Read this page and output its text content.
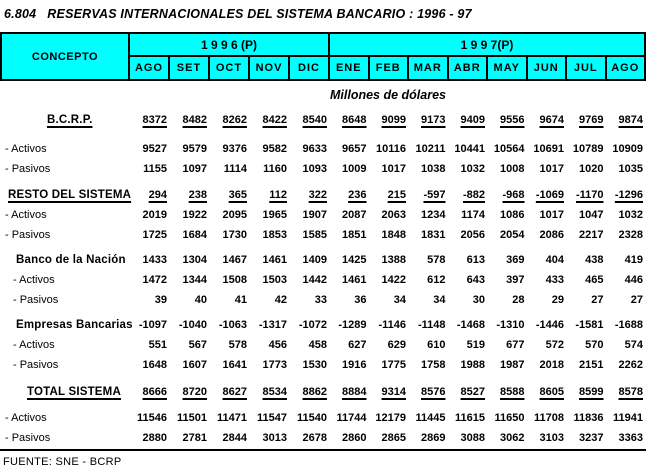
6.804   RESERVAS INTERNACIONALES DEL SISTEMA BANCARIO : 1996 - 97
CONCEPTO
1 9 9 6 (P)	1 9 9 7(P)
AGO	SET	OCT	NOV	DIC	ENE	FEB	MAR	ABR	MAY	JUN	JUL	AGO
Millones de dólares
B.C.R.P.	8372	8482	8262	8422	8540	8648	9099	9173	9409	9556	9674	9769	9874
- Activos	9527	9579	9376	9582	9633	9657 10116 10211 10441 10564 10691 10789 10909
- Pasivos	1155	1097	1114	1160	1093	1009	1017	1038	1032	1008	1017	1020	1035
RESTO DEL SISTEMA	294	238	365	112	322	236	215	-597	-882	-968	-1069	-1170	-1296
- Activos	2019	1922	2095	1965	1907	2087	2063	1234	1174	1086	1017	1047	1032
- Pasivos	1725	1684	1730	1853	1585	1851	1848	1831	2056	2054	2086	2217	2328
Banco de la Nación	1433	1304	1467	1461	1409	1425	1388	578	613	369	404	438	419
- Activos	1472	1344	1508	1503	1442	1461	1422	612	643	397	433	465	446
- Pasivos	39	40	41	42	33	36	34	34	30	28	29	27	27
Empresas Bancarias -1097	-1040	-1063	-1317	-1072	-1289	-1146	-1148	-1468	-1310	-1446	-1581	-1688
- Activos	551	567	578	456	458	627	629	610	519	677	572	570	574
- Pasivos	1648	1607	1641	1773	1530	1916	1775	1758	1988	1987	2018	2151	2262
TOTAL SISTEMA	8666	8720	8627	8534	8862	8884	9314	8576	8527	8588	8605	8599	8578
- Activos	11546 11501 11471 11547 11540 11744 12179 11445 11615 11650 11708 11836 11941
- Pasivos	2880	2781	2844	3013	2678	2860	2865	2869	3088	3062	3103	3237	3363
FUENTE: SNE - BCRP
